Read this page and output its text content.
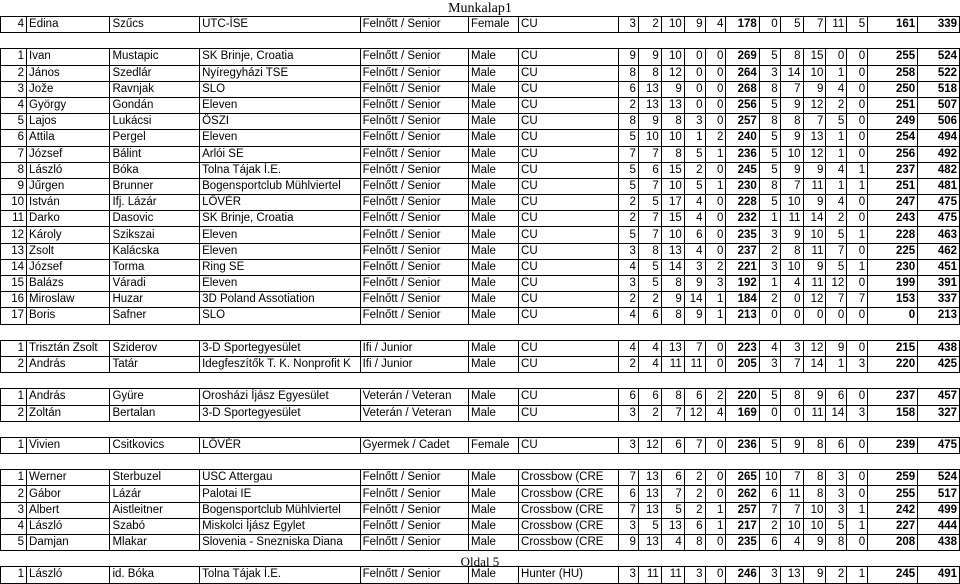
Munkalap1
4	Edina	Szűcs	UTC-ÍSE	Felnőtt / Senior	Female	CU	3	2	10	9	4	178	0	5	7	11	5	161	339

1	Ivan	Mustapic	SK Brinje, Croatia	Felnőtt / Senior	Male	CU	9	9	10	0	0	269	5	8	15	0	0	255	524
2	János	Szedlár	Nyíregyházi TSE	Felnőtt / Senior	Male	CU	8	8	12	0	0	264	3	14	10	1	0	258	522
3	Jože	Ravnjak	SLO	Felnőtt / Senior	Male	CU	6	13	9	0	0	268	8	7	9	4	0	250	518
4	György	Gondán	Eleven	Felnőtt / Senior	Male	CU	2	13	13	0	0	256	5	9	12	2	0	251	507
5	Lajos	Lukácsi	ÖSZI	Felnőtt / Senior	Male	CU	8	9	8	3	0	257	8	8	7	5	0	249	506
6	Attila	Pergel	Eleven	Felnőtt / Senior	Male	CU	5	10	10	1	2	240	5	9	13	1	0	254	494
7	József	Bálint	Arlói SE	Felnőtt / Senior	Male	CU	7	7	8	5	1	236	5	10	12	1	0	256	492
8	László	Bóka	Tolna Tájak Í.E.	Felnőtt / Senior	Male	CU	5	6	15	2	0	245	5	9	9	4	1	237	482
9	Jűrgen	Brunner	Bogensportclub Mühlviertel	Felnőtt / Senior	Male	CU	5	7	10	5	1	230	8	7	11	1	1	251	481
10	István	Ifj. Lázár	LŐVÉR	Felnőtt / Senior	Male	CU	2	5	17	4	0	228	5	10	9	4	0	247	475
11	Darko	Dasovic	SK Brinje, Croatia	Felnőtt / Senior	Male	CU	2	7	15	4	0	232	1	11	14	2	0	243	475
12	Károly	Szikszai	Eleven	Felnőtt / Senior	Male	CU	5	7	10	6	0	235	3	9	10	5	1	228	463
13	Zsolt	Kalácska	Eleven	Felnőtt / Senior	Male	CU	3	8	13	4	0	237	2	8	11	7	0	225	462
14	József	Torma	Ring SE	Felnőtt / Senior	Male	CU	4	5	14	3	2	221	3	10	9	5	1	230	451
15	Balázs	Váradi	Eleven	Felnőtt / Senior	Male	CU	3	5	8	9	3	192	1	4	11	12	0	199	391
16	Miroslaw	Huzar	3D Poland Assotiation	Felnőtt / Senior	Male	CU	2	2	9	14	1	184	2	0	12	7	7	153	337
17	Boris	Safner	SLO	Felnőtt / Senior	Male	CU	4	6	8	9	1	213	0	0	0	0	0	0	213

1	Trisztán Zsolt	Sziderov	3-D Sportegyesület	Ifi / Junior	Male	CU	4	4	13	7	0	223	4	3	12	9	0	215	438
2	András	Tatár	Idegfeszítők T. K. Nonprofit K	Ifi / Junior	Male	CU	2	4	11	11	0	205	3	7	14	1	3	220	425

1	András	Gyüre	Orosházi Íjász Egyesület	Veterán / Veteran	Male	CU	6	6	8	6	2	220	5	8	9	6	0	237	457
2	Zoltán	Bertalan	3-D Sportegyesület	Veterán / Veteran	Male	CU	3	2	7	12	4	169	0	0	11	14	3	158	327

1	Vivien	Csitkovics	LŐVÉR	Gyermek / Cadet	Female	CU	3	12	6	7	0	236	5	9	8	6	0	239	475

1	Werner	Sterbuzel	USC Attergau	Felnőtt / Senior	Male	Crossbow (CRE	7	13	6	2	0	265	10	7	8	3	0	259	524
2	Gábor	Lázár	Palotai IE	Felnőtt / Senior	Male	Crossbow (CRE	6	13	7	2	0	262	6	11	8	3	0	255	517
3	Albert	Aistleitner	Bogensportclub Mühlviertel	Felnőtt / Senior	Male	Crossbow (CRE	7	13	5	2	1	257	7	7	10	3	1	242	499
4	László	Szabó	Miskolci Íjász Egylet	Felnőtt / Senior	Male	Crossbow (CRE	3	5	13	6	1	217	2	10	10	5	1	227	444
5	Damjan	Mlakar	Slovenia - Snezniska Diana	Felnőtt / Senior	Male	Crossbow (CRE	9	13	4	8	0	235	6	4	9	8	0	208	438

1	László	id. Bóka	Tolna Tájak Í.E.	Felnőtt / Senior	Male	Hunter (HU)	3	11	11	3	0	246	3	13	9	2	1	245	491
Oldal 5
